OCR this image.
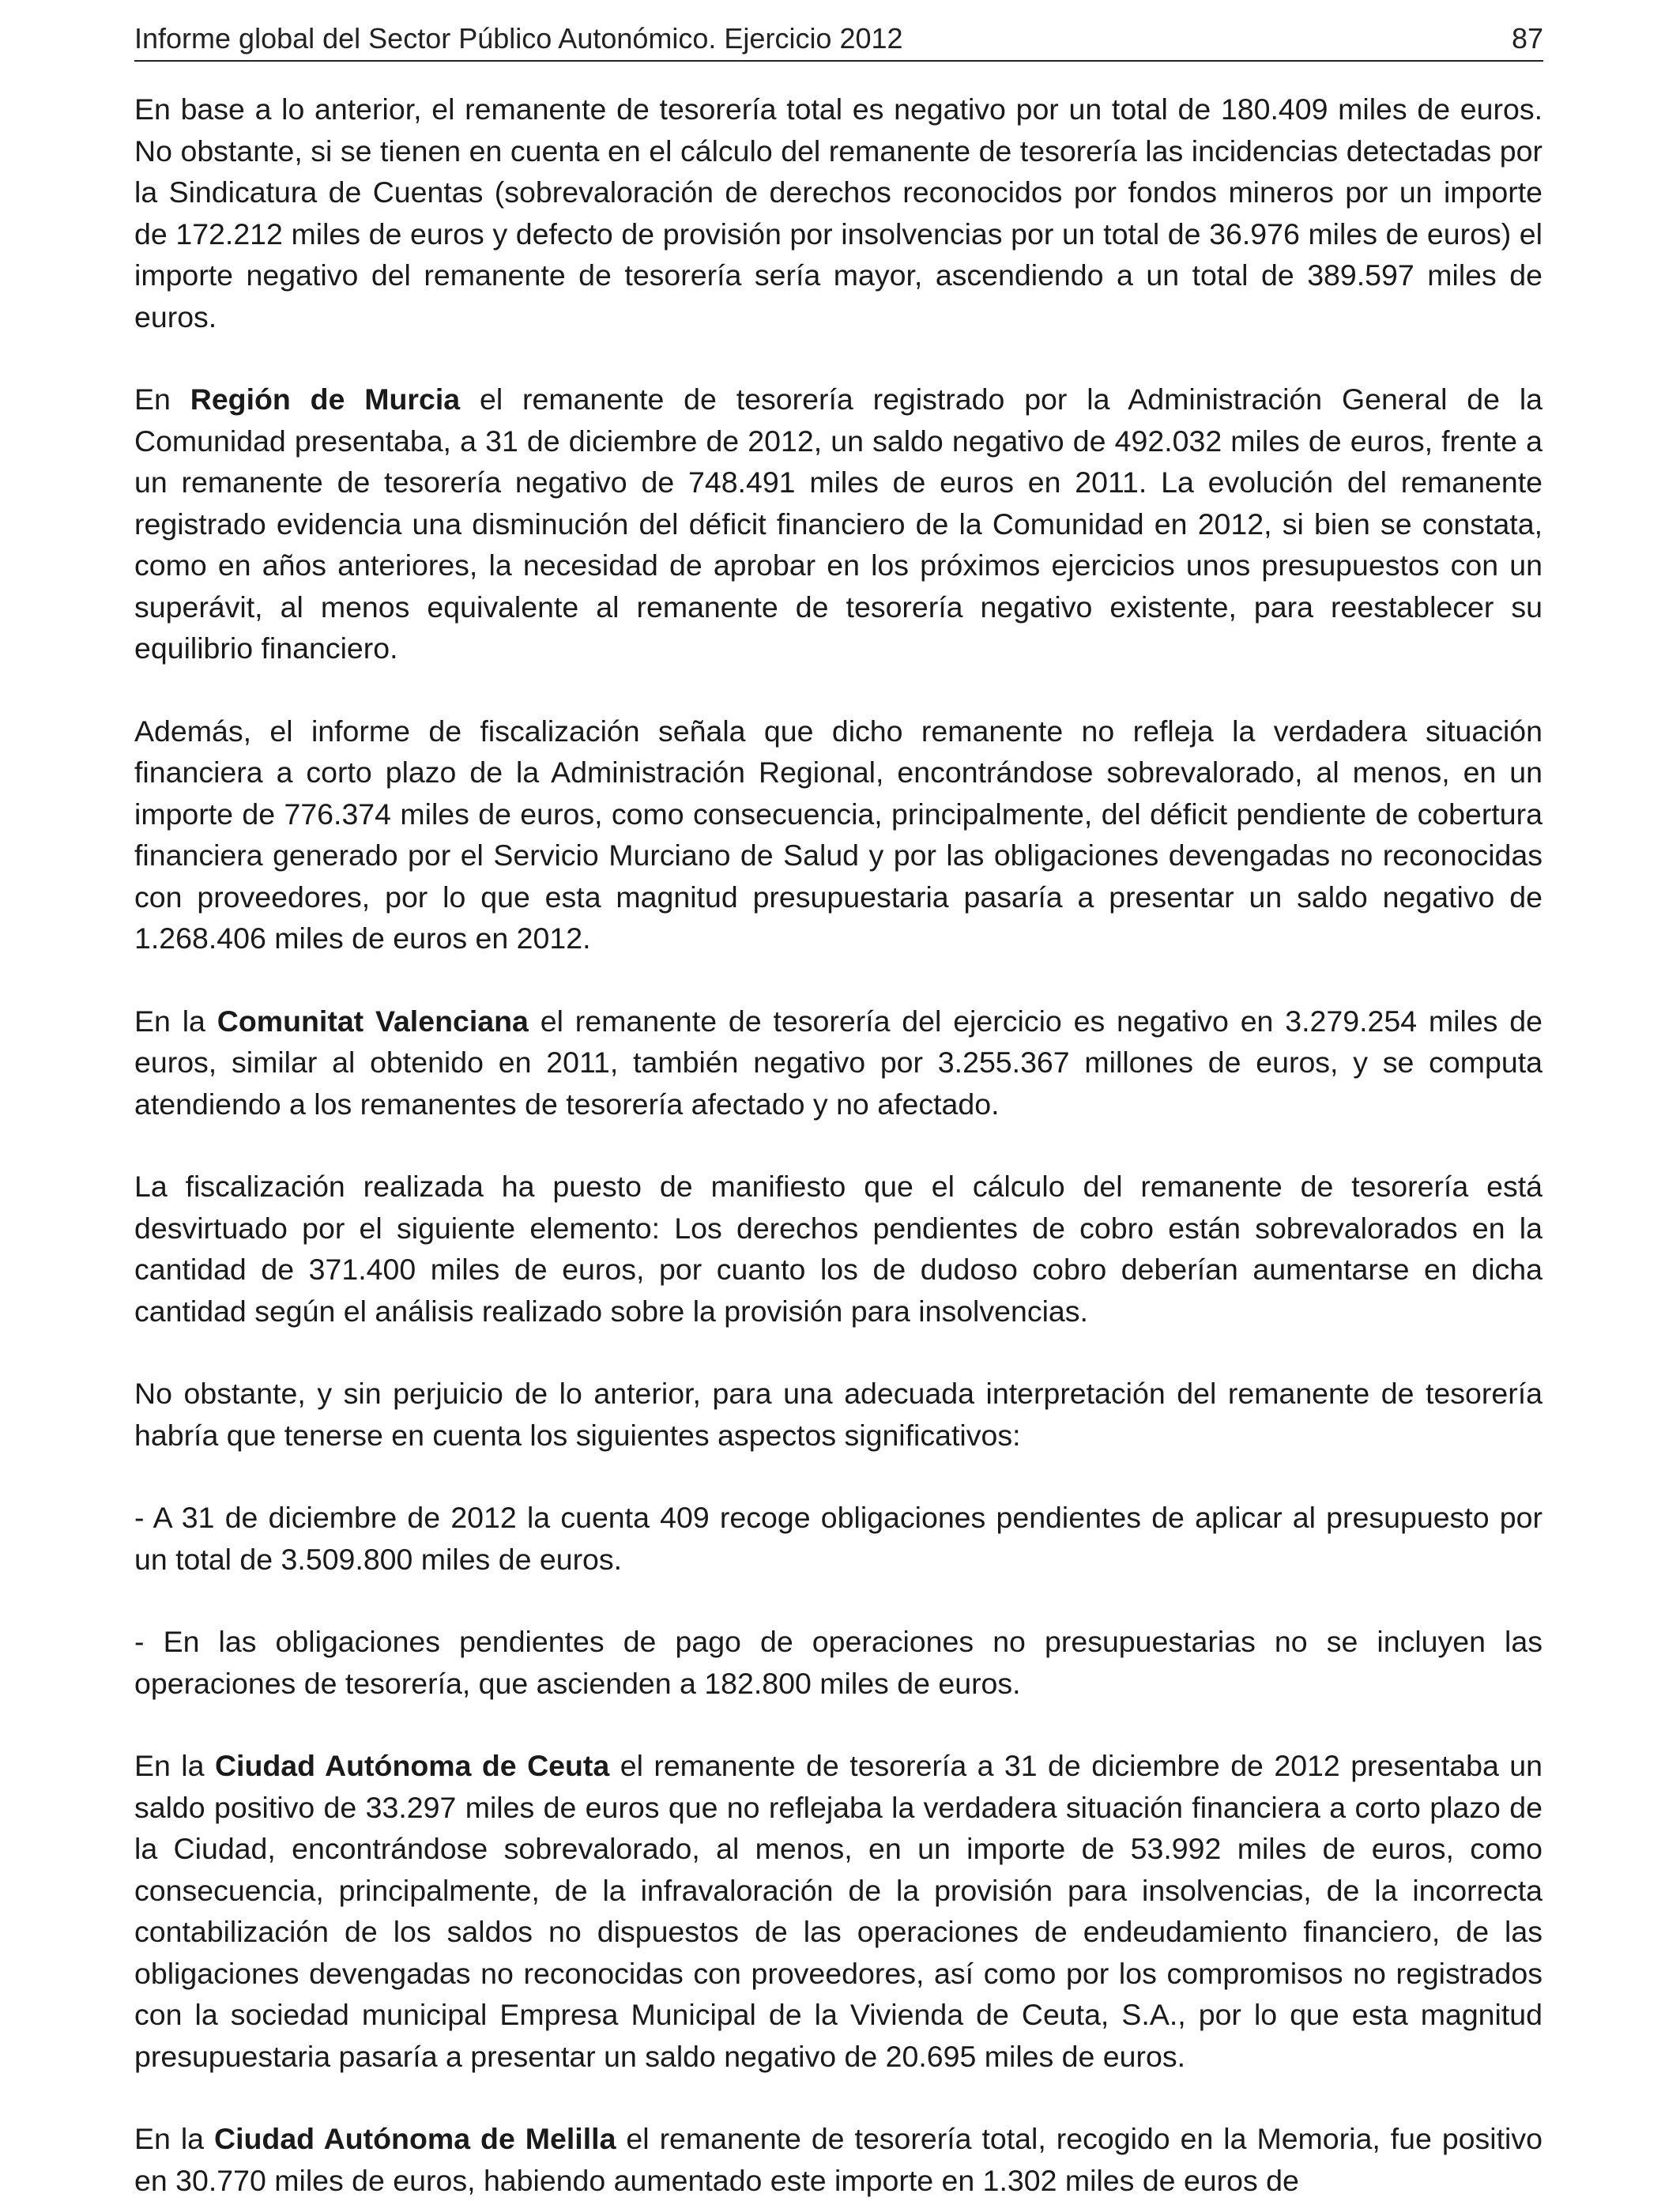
Informe global del Sector Público Autonómico. Ejercicio 2012	87

En base a lo anterior, el remanente de tesorería total es negativo por un total de 180.409 miles de euros. No obstante, si se tienen en cuenta en el cálculo del remanente de tesorería las incidencias detectadas por la Sindicatura de Cuentas (sobrevaloración de derechos reconocidos por fondos mineros por un importe de 172.212 miles de euros y defecto de provisión por insolvencias por un total de 36.976 miles de euros) el importe negativo del remanente de tesorería sería mayor, ascendiendo a un total de 389.597 miles de euros.

En Región de Murcia el remanente de tesorería registrado por la Administración General de la Comunidad presentaba, a 31 de diciembre de 2012, un saldo negativo de 492.032 miles de euros, frente a un remanente de tesorería negativo de 748.491 miles de euros en 2011. La evolución del remanente registrado evidencia una disminución del déficit financiero de la Comunidad en 2012, si bien se constata, como en años anteriores, la necesidad de aprobar en los próximos ejercicios unos presupuestos con un superávit, al menos equivalente al remanente de tesorería negativo existente, para reestablecer su equilibrio financiero.

Además, el informe de fiscalización señala que dicho remanente no refleja la verdadera situación financiera a corto plazo de la Administración Regional, encontrándose sobrevalorado, al menos, en un importe de 776.374 miles de euros, como consecuencia, principalmente, del déficit pendiente de cobertura financiera generado por el Servicio Murciano de Salud y por las obligaciones devengadas no reconocidas con proveedores, por lo que esta magnitud presupuestaria pasaría a presentar un saldo negativo de 1.268.406 miles de euros en 2012.

En la Comunitat Valenciana el remanente de tesorería del ejercicio es negativo en 3.279.254 miles de euros, similar al obtenido en 2011, también negativo por 3.255.367 millones de euros, y se computa atendiendo a los remanentes de tesorería afectado y no afectado.

La fiscalización realizada ha puesto de manifiesto que el cálculo del remanente de tesorería está desvirtuado por el siguiente elemento: Los derechos pendientes de cobro están sobrevalorados en la cantidad de 371.400 miles de euros, por cuanto los de dudoso cobro deberían aumentarse en dicha cantidad según el análisis realizado sobre la provisión para insolvencias.

No obstante, y sin perjuicio de lo anterior, para una adecuada interpretación del remanente de tesorería habría que tenerse en cuenta los siguientes aspectos significativos:

- A 31 de diciembre de 2012 la cuenta 409 recoge obligaciones pendientes de aplicar al presupuesto por un total de 3.509.800 miles de euros.

- En las obligaciones pendientes de pago de operaciones no presupuestarias no se incluyen las operaciones de tesorería, que ascienden a 182.800 miles de euros.

En la Ciudad Autónoma de Ceuta el remanente de tesorería a 31 de diciembre de 2012 presentaba un saldo positivo de 33.297 miles de euros que no reflejaba la verdadera situación financiera a corto plazo de la Ciudad, encontrándose sobrevalorado, al menos, en un importe de 53.992 miles de euros, como consecuencia, principalmente, de la infravaloración de la provisión para insolvencias, de la incorrecta contabilización de los saldos no dispuestos de las operaciones de endeudamiento financiero, de las obligaciones devengadas no reconocidas con proveedores, así como por los compromisos no registrados con la sociedad municipal Empresa Municipal de la Vivienda de Ceuta, S.A., por lo que esta magnitud presupuestaria pasaría a presentar un saldo negativo de 20.695 miles de euros.

En la Ciudad Autónoma de Melilla el remanente de tesorería total, recogido en la Memoria, fue positivo en 30.770 miles de euros, habiendo aumentado este importe en 1.302 miles de euros de
